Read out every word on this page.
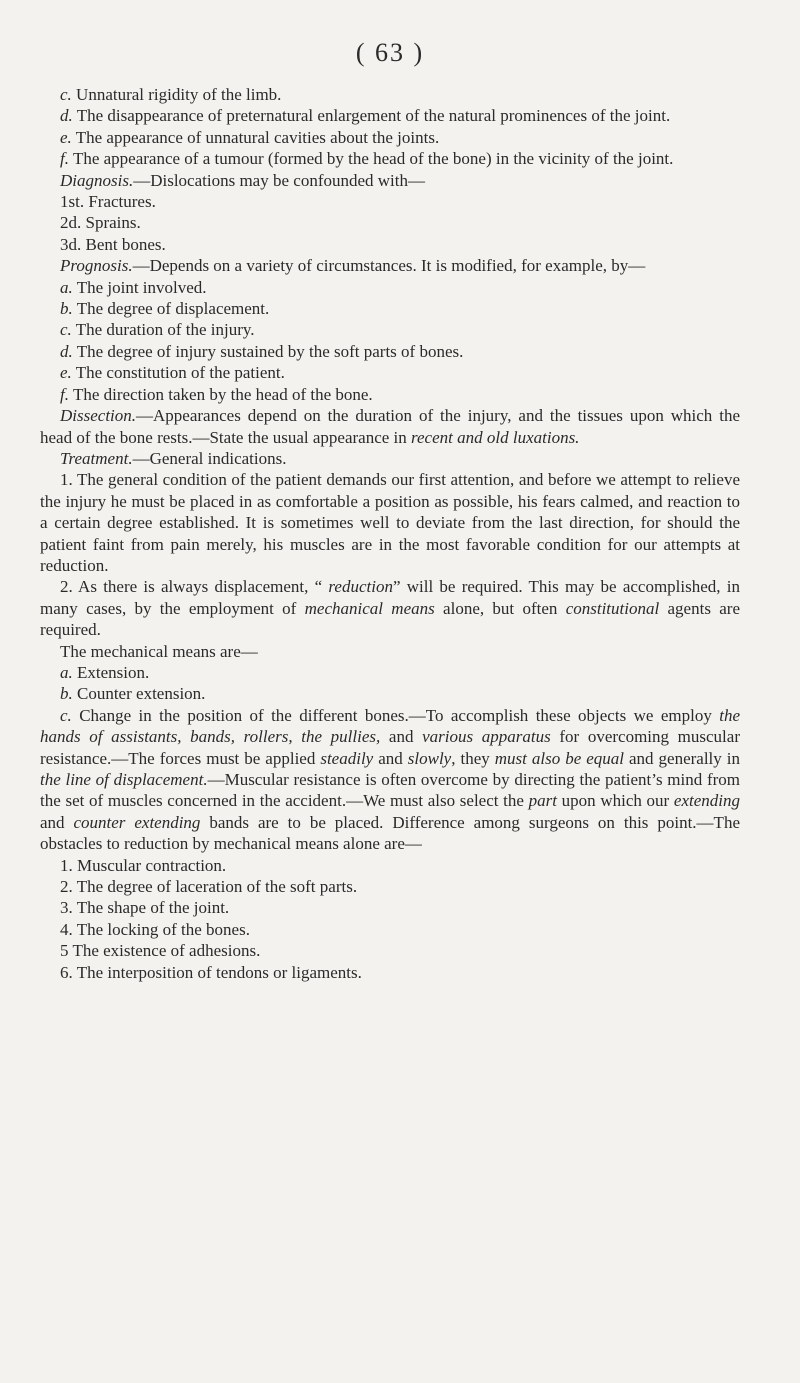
( 63 )

c. Unnatural rigidity of the limb.

d. The disappearance of preternatural enlargement of the natural prominences of the joint.

e. The appearance of unnatural cavities about the joints.

f. The appearance of a tumour (formed by the head of the bone) in the vicinity of the joint.

Diagnosis.—Dislocations may be confounded with—

1st. Fractures.

2d. Sprains.

3d. Bent bones.

Prognosis.—Depends on a variety of circumstances. It is modified, for example, by—

a. The joint involved.

b. The degree of displacement.

c. The duration of the injury.

d. The degree of injury sustained by the soft parts of bones.

e. The constitution of the patient.

f. The direction taken by the head of the bone.

Dissection.—Appearances depend on the duration of the injury, and the tissues upon which the head of the bone rests.—State the usual appearance in recent and old luxations.

Treatment.—General indications.

1. The general condition of the patient demands our first attention, and before we attempt to relieve the injury he must be placed in as comfortable a position as possible, his fears calmed, and reaction to a certain degree established. It is sometimes well to deviate from the last direction, for should the patient faint from pain merely, his muscles are in the most favorable condition for our attempts at reduction.

2. As there is always displacement, “ reduction” will be required. This may be accomplished, in many cases, by the employment of mechanical means alone, but often constitutional agents are required.

The mechanical means are—

a. Extension.

b. Counter extension.

c. Change in the position of the different bones.—To accomplish these objects we employ the hands of assistants, bands, rollers, the pullies, and various apparatus for overcoming muscular resistance.—The forces must be applied steadily and slowly, they must also be equal and generally in the line of displacement.—Muscular resistance is often overcome by directing the patient’s mind from the set of muscles concerned in the accident.—We must also select the part upon which our extending and counter extending bands are to be placed. Difference among surgeons on this point.—The obstacles to reduction by mechanical means alone are—

1. Muscular contraction.

2. The degree of laceration of the soft parts.

3. The shape of the joint.

4. The locking of the bones.

5 The existence of adhesions.

6. The interposition of tendons or ligaments.
